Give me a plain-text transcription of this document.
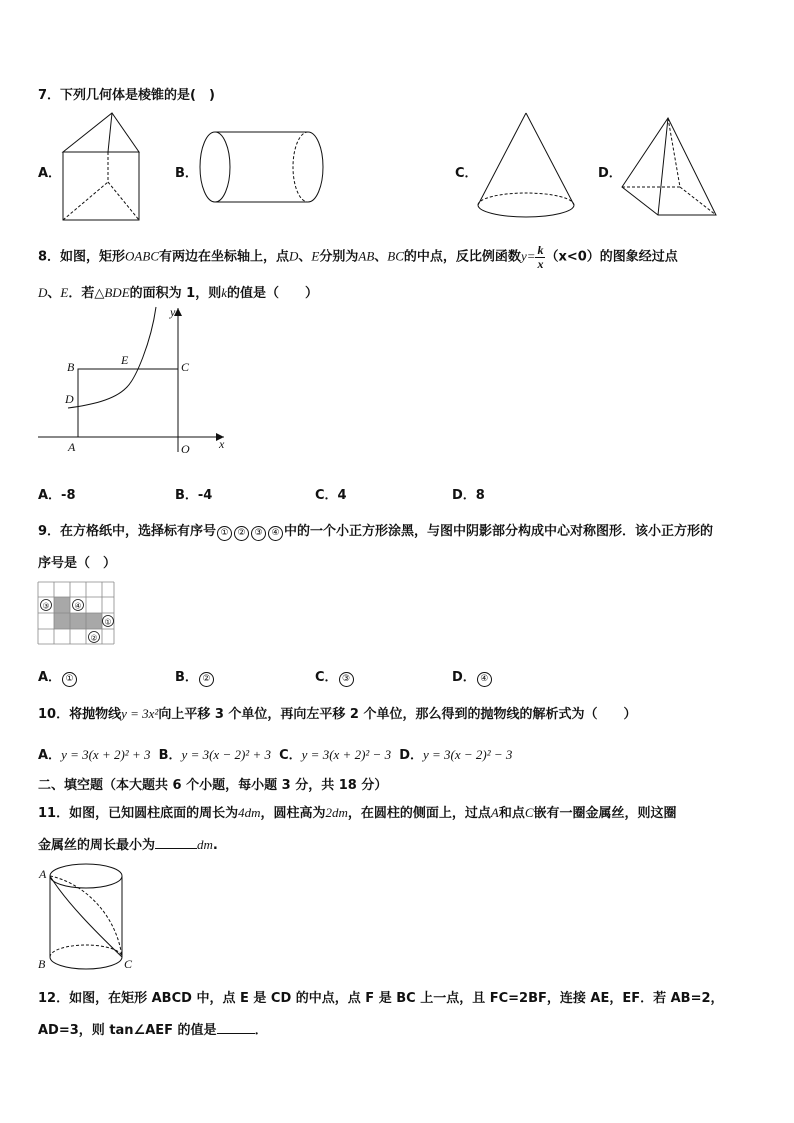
7．下列几何体是棱锥的是(　)
A．	B．	C．	D．
8．如图，矩形OABC有两边在坐标轴上，点D、E分别为AB、BC的中点，反比例函数$y= \frac{k}{x} (x<0)$的图象经过点
D、E．若△BDE的面积为 1，则k的值是（　　）
y
x
B	C
E
D
A	O
A．-8	B．-4	C．4	D．8
9．在方格纸中，选择标有序号 ① ② ③ ④ 中的一个小正方形涂黑，与图中阴影部分构成中心对称图形．该小正方形的
序号是（　）
③	④
①
②
A． ①	B． ②	C． ③	D． ④
10．将抛物线y = 3x²向上平移 3 个单位，再向左平移 2 个单位，那么得到的抛物线的解析式为（　　）
A．y = 3(x + 2)² + 3 B．y = 3(x − 2)² + 3 C．y = 3(x + 2)² − 3 D．y = 3(x − 2)² − 3
二、填空题（本大题共 6 个小题，每小题 3 分，共 18 分）
11．如图，已知圆柱底面的周长为4dm，圆柱高为2dm，在圆柱的侧面上，过点A和点C嵌有一圈金属丝，则这圈
金属丝的周长最小为	dm.
A
B	C
12．如图，在矩形 ABCD 中，点 E 是 CD 的中点，点 F 是 BC 上一点，且 FC=2BF，连接 AE，EF．若 AB=2，
AD=3，则 tan∠AEF 的值是	．
